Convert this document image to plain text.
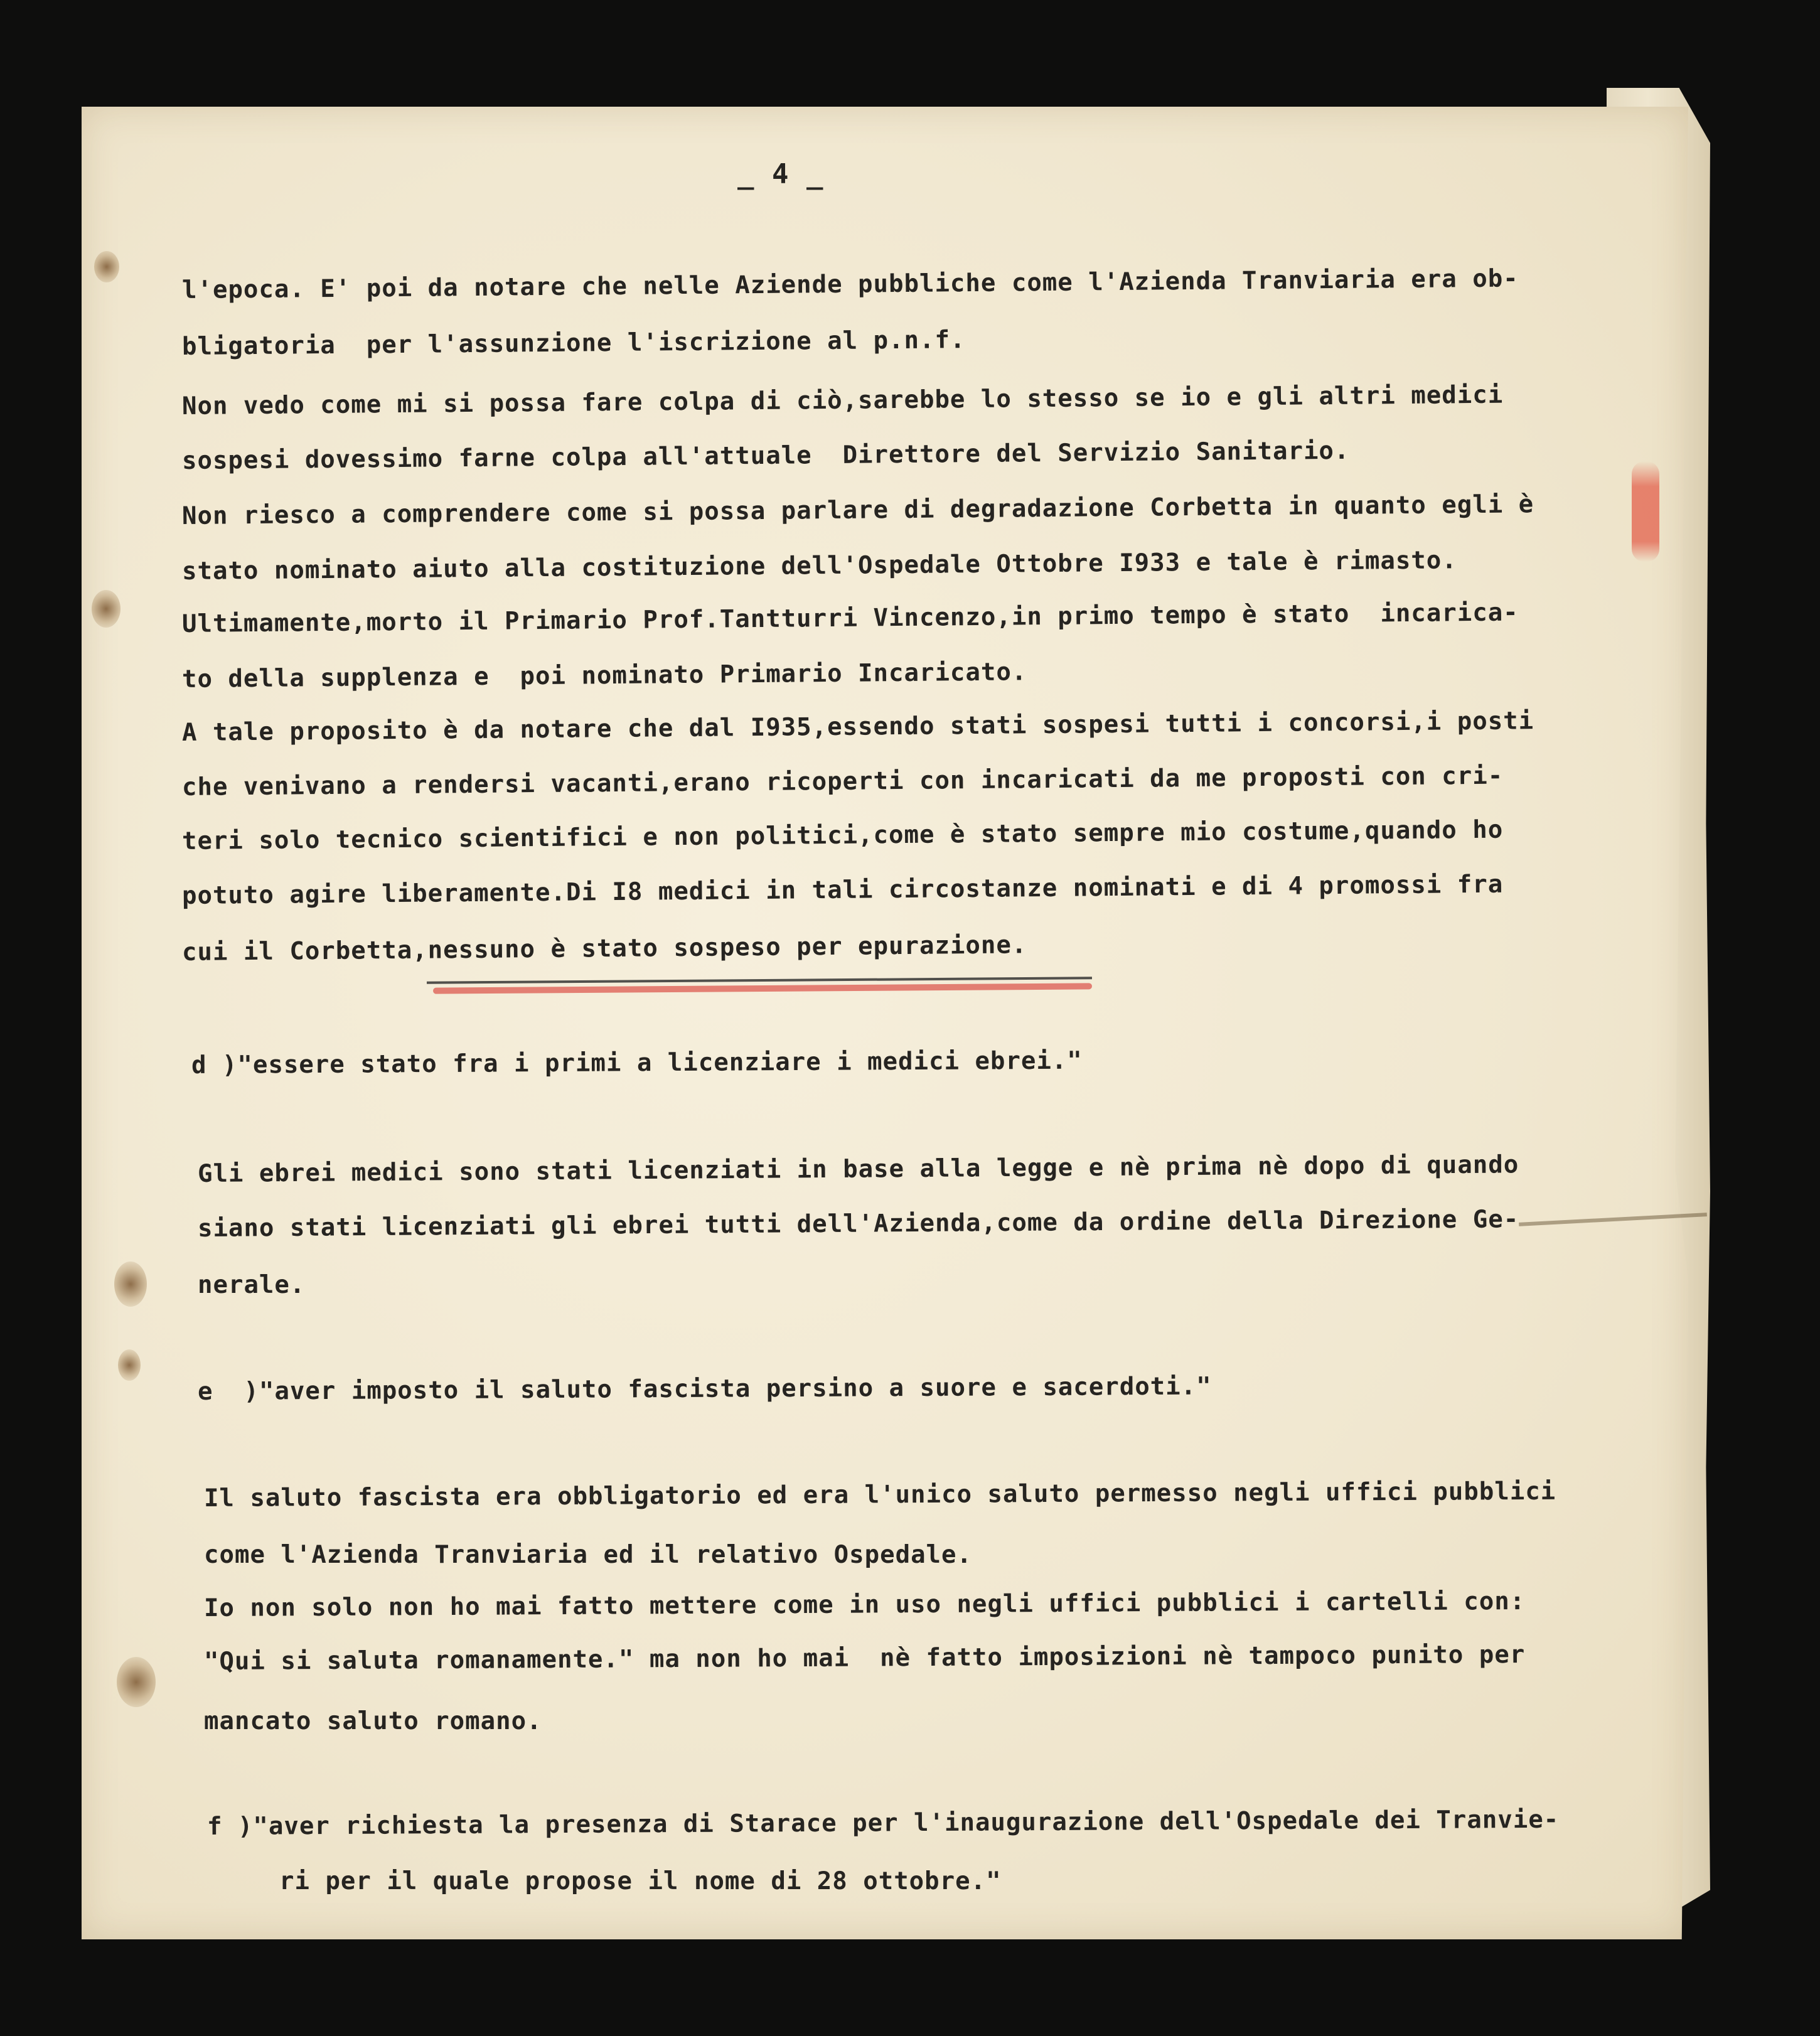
_ 4 _

l'epoca. E' poi da notare che nelle Aziende pubbliche come l'Azienda Tranviaria era ob-

bligatoria  per l'assunzione l'iscrizione al p.n.f.

Non vedo come mi si possa fare colpa di ciò,sarebbe lo stesso se io e gli altri medici

sospesi dovessimo farne colpa all'attuale  Direttore del Servizio Sanitario.

Non riesco a comprendere come si possa parlare di degradazione Corbetta in quanto egli è

stato nominato aiuto alla costituzione dell'Ospedale Ottobre I933 e tale è rimasto.

Ultimamente,morto il Primario Prof.Tantturri Vincenzo,in primo tempo è stato  incarica-

to della supplenza e  poi nominato Primario Incaricato.

A tale proposito è da notare che dal I935,essendo stati sospesi tutti i concorsi,i posti

che venivano a rendersi vacanti,erano ricoperti con incaricati da me proposti con cri-

teri solo tecnico scientifici e non politici,come è stato sempre mio costume,quando ho

potuto agire liberamente.Di I8 medici in tali circostanze nominati e di 4 promossi fra

cui il Corbetta,nessuno è stato sospeso per epurazione.

d )"essere stato fra i primi a licenziare i medici ebrei."

Gli ebrei medici sono stati licenziati in base alla legge e nè prima nè dopo di quando

siano stati licenziati gli ebrei tutti dell'Azienda,come da ordine della Direzione Ge-

nerale.

e  )"aver imposto il saluto fascista persino a suore e sacerdoti."

Il saluto fascista era obbligatorio ed era l'unico saluto permesso negli uffici pubblici

come l'Azienda Tranviaria ed il relativo Ospedale.

Io non solo non ho mai fatto mettere come in uso negli uffici pubblici i cartelli con:

"Qui si saluta romanamente." ma non ho mai  nè fatto imposizioni nè tampoco punito per

mancato saluto romano.

f )"aver richiesta la presenza di Starace per l'inaugurazione dell'Ospedale dei Tranvie-

ri per il quale propose il nome di 28 ottobre."
